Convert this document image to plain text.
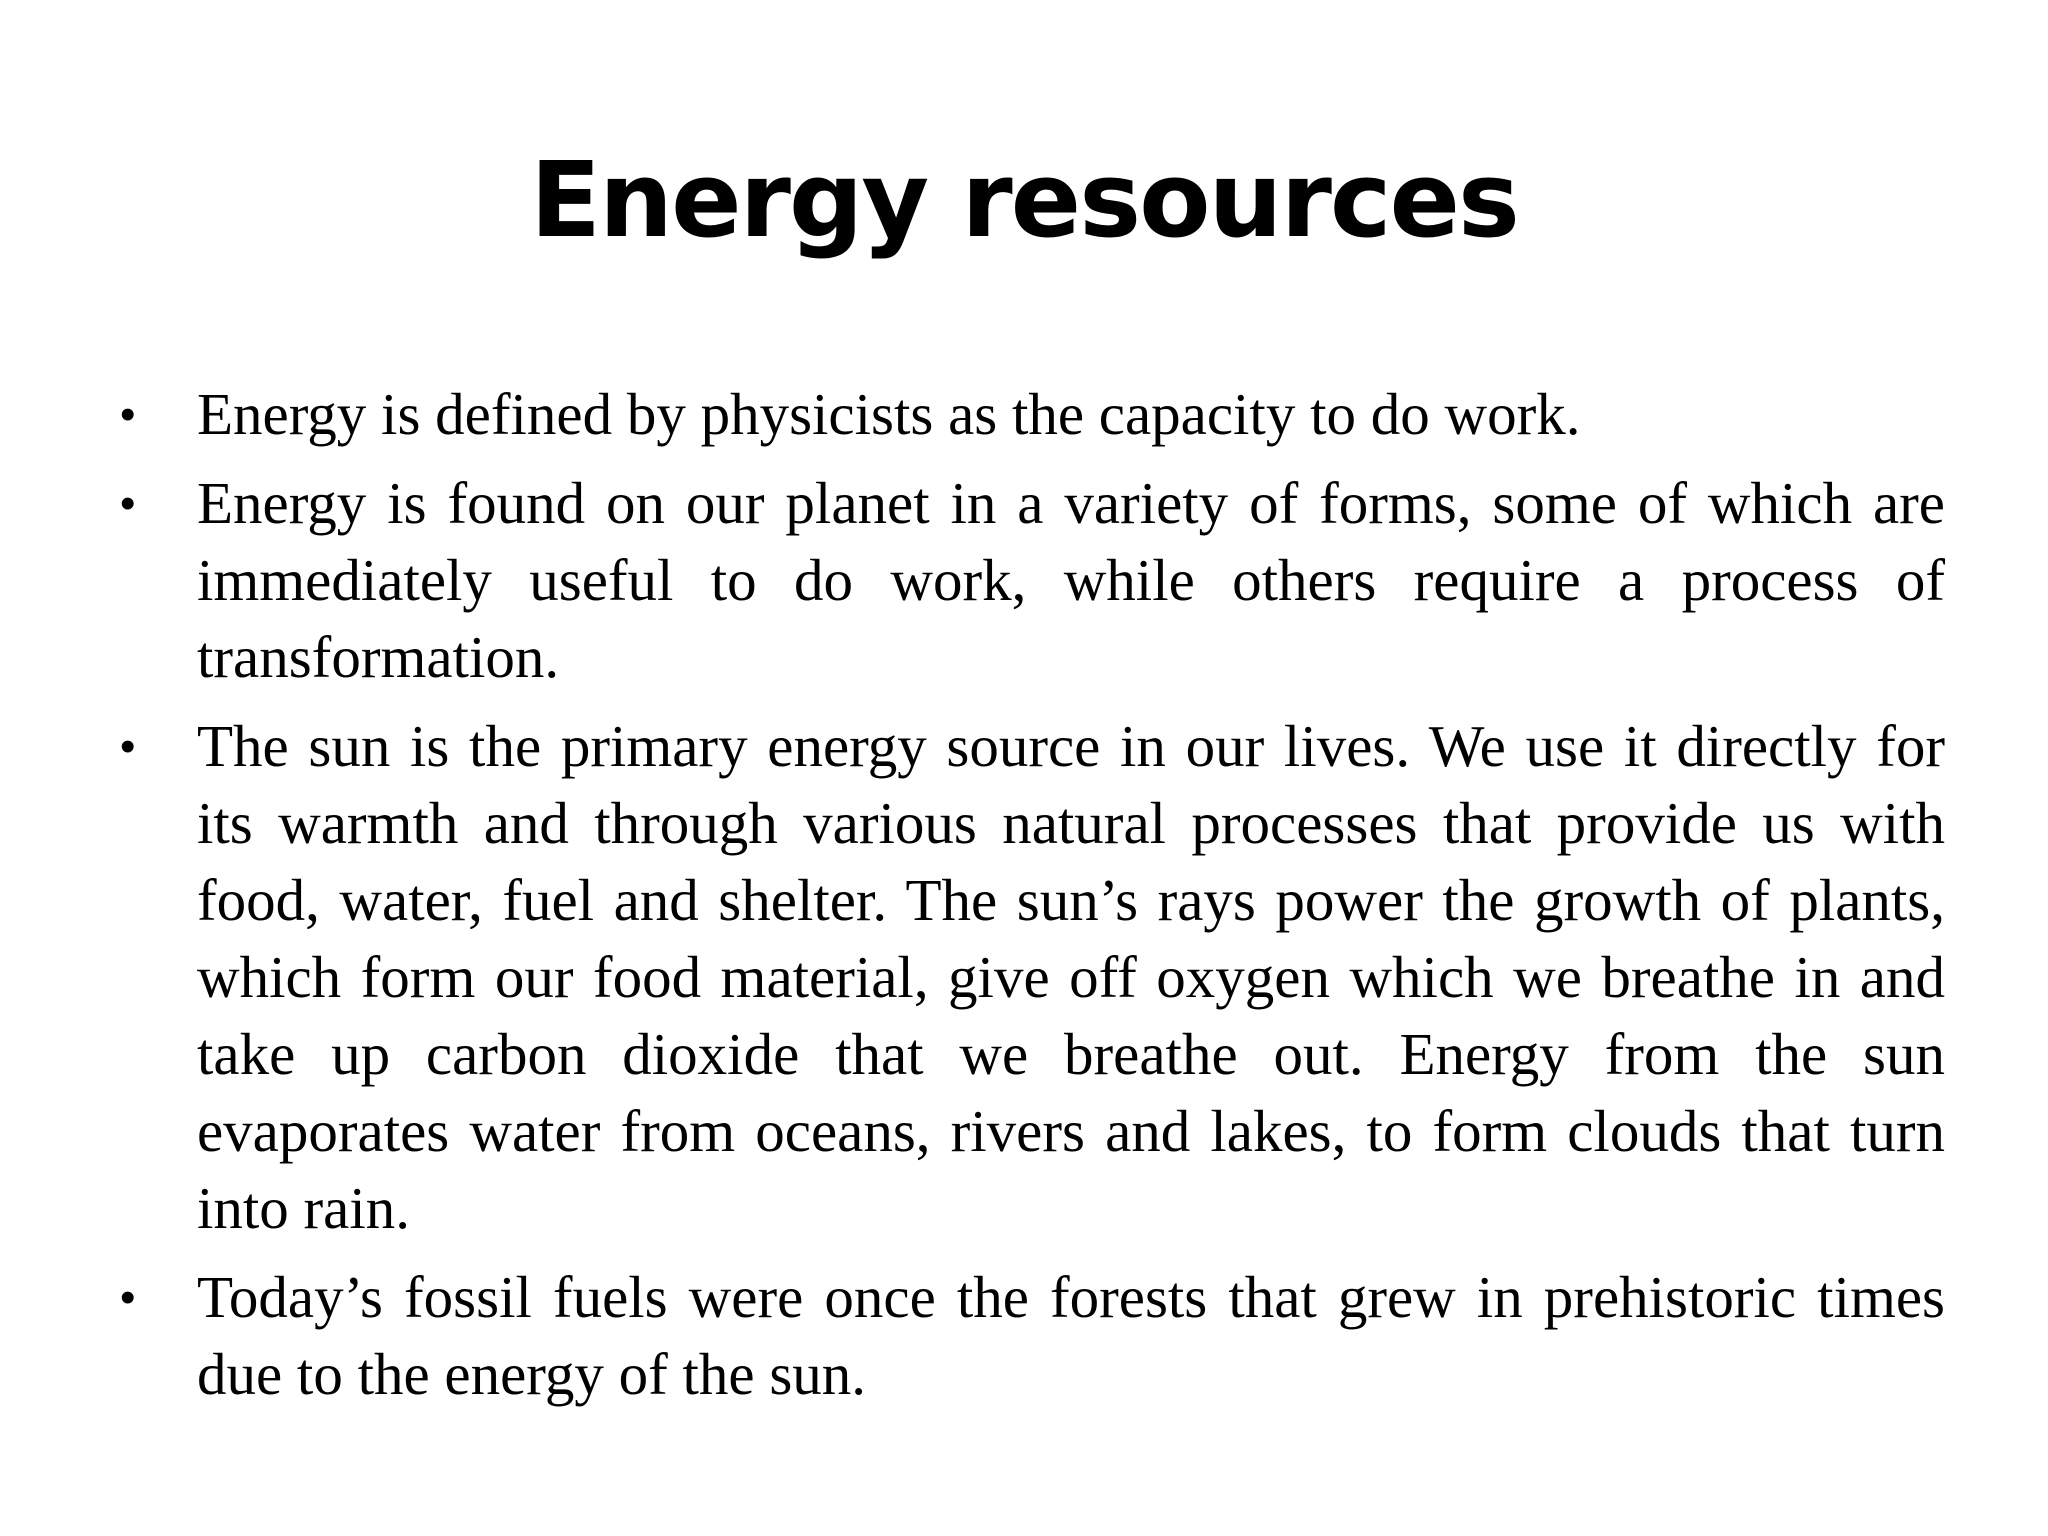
Energy resources
• Energy is defined by physicists as the capacity to do work.
• Energy is found on our planet in a variety of forms, some of which are immediately useful to do work, while others require a process of transformation.
• The sun is the primary energy source in our lives. We use it directly for its warmth and through various natural processes that provide us with food, water, fuel and shelter. The sun’s rays power the growth of plants, which form our food material, give off oxygen which we breathe in and take up carbon dioxide that we breathe out. Energy from the sun evaporates water from oceans, rivers and lakes, to form clouds that turn into rain.
• Today’s fossil fuels were once the forests that grew in prehistoric times due to the energy of the sun.
